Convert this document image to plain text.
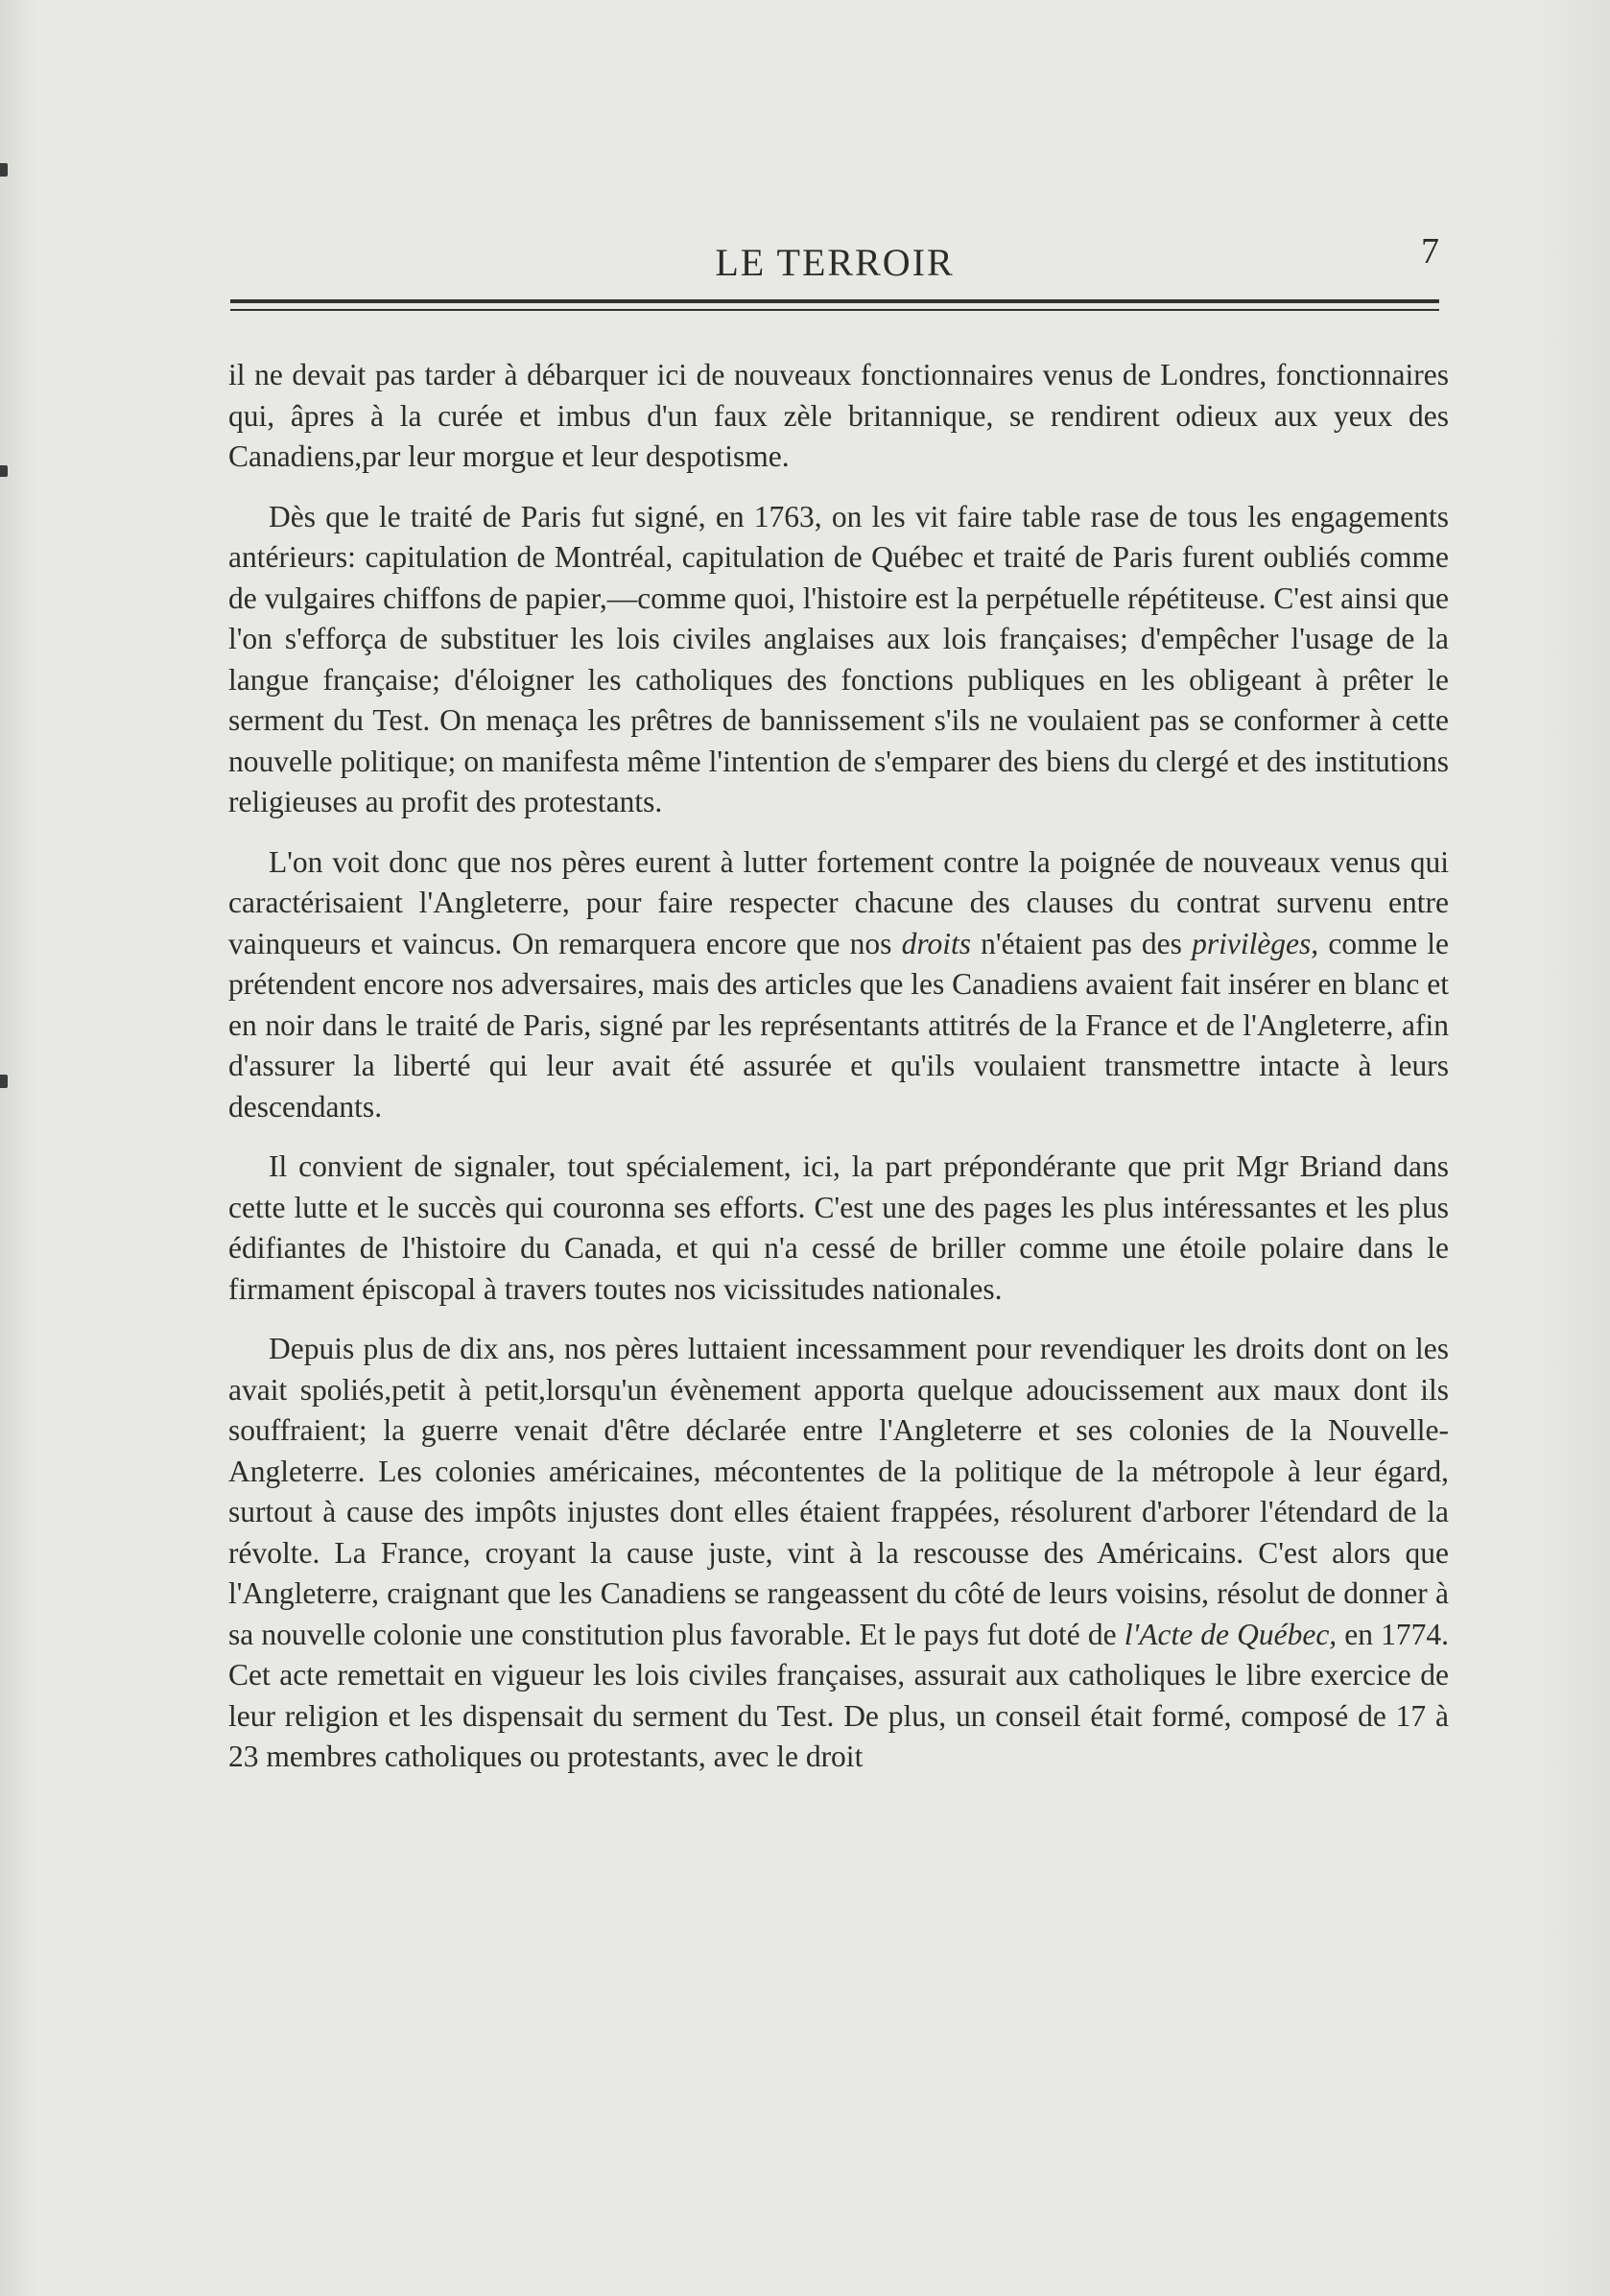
LE TERROIR	7

il ne devait pas tarder à débarquer ici de nouveaux fonctionnaires venus de Londres, fonctionnaires qui, âpres à la curée et imbus d'un faux zèle britannique, se rendirent odieux aux yeux des Canadiens,par leur morgue et leur despotisme.

Dès que le traité de Paris fut signé, en 1763, on les vit faire table rase de tous les engagements antérieurs: capitulation de Montréal, capitulation de Québec et traité de Paris furent oubliés comme de vulgaires chiffons de papier,—comme quoi, l'histoire est la perpétuelle répétiteuse. C'est ainsi que l'on s'efforça de substituer les lois civiles anglaises aux lois françaises; d'empêcher l'usage de la langue française; d'éloigner les catholiques des fonctions publiques en les obligeant à prêter le serment du Test. On menaça les prêtres de bannissement s'ils ne voulaient pas se conformer à cette nouvelle politique; on manifesta même l'intention de s'emparer des biens du clergé et des institutions religieuses au profit des protestants.

L'on voit donc que nos pères eurent à lutter fortement contre la poignée de nouveaux venus qui caractérisaient l'Angleterre, pour faire respecter chacune des clauses du contrat survenu entre vainqueurs et vaincus. On remarquera encore que nos droits n'étaient pas des privilèges, comme le prétendent encore nos adversaires, mais des articles que les Canadiens avaient fait insérer en blanc et en noir dans le traité de Paris, signé par les représentants attitrés de la France et de l'Angleterre, afin d'assurer la liberté qui leur avait été assurée et qu'ils voulaient transmettre intacte à leurs descendants.

Il convient de signaler, tout spécialement, ici, la part prépondérante que prit Mgr Briand dans cette lutte et le succès qui couronna ses efforts. C'est une des pages les plus intéressantes et les plus édifiantes de l'histoire du Canada, et qui n'a cessé de briller comme une étoile polaire dans le firmament épiscopal à travers toutes nos vicissitudes nationales.

Depuis plus de dix ans, nos pères luttaient incessamment pour revendiquer les droits dont on les avait spoliés,petit à petit,lorsqu'un évènement apporta quelque adoucissement aux maux dont ils souffraient; la guerre venait d'être déclarée entre l'Angleterre et ses colonies de la Nouvelle-Angleterre. Les colonies américaines, mécontentes de la politique de la métropole à leur égard, surtout à cause des impôts injustes dont elles étaient frappées, résolurent d'arborer l'étendard de la révolte. La France, croyant la cause juste, vint à la rescousse des Américains. C'est alors que l'Angleterre, craignant que les Canadiens se rangeassent du côté de leurs voisins, résolut de donner à sa nouvelle colonie une constitution plus favorable. Et le pays fut doté de l'Acte de Québec, en 1774. Cet acte remettait en vigueur les lois civiles françaises, assurait aux catholiques le libre exercice de leur religion et les dispensait du serment du Test. De plus, un conseil était formé, composé de 17 à 23 membres catholiques ou protestants, avec le droit
